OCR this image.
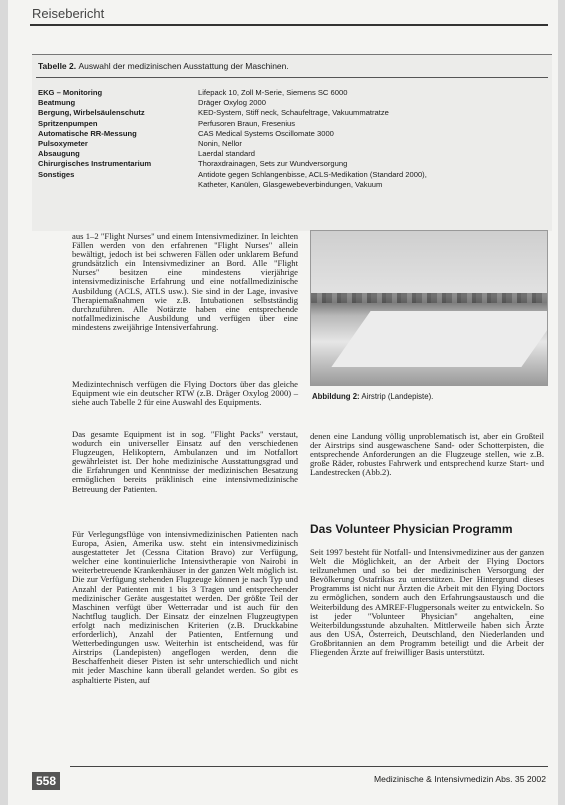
Reisebericht
Tabelle 2. Auswahl der medizinischen Ausstattung der Maschinen.
EKG – Monitoring	Lifepack 10, Zoll M-Serie, Siemens SC 6000
Beatmung	Dräger Oxylog 2000
Bergung, Wirbelsäulenschutz	KED-System, Stiff neck, Schaufeltrage, Vakuummatratze
Spritzenpumpen	Perfusoren Braun, Fresenius
Automatische RR-Messung	CAS Medical Systems Oscillomate 3000
Pulsoxymeter	Nonin, Nellor
Absaugung	Laerdal standard
Chirurgisches Instrumentarium	Thoraxdrainagen, Sets zur Wundversorgung
Sonstiges	Antidote gegen Schlangenbisse, ACLS-Medikation (Standard 2000),
Katheter, Kanülen, Glasgewebeverbindungen, Vakuum

aus 1–2 "Flight Nurses" und einem Intensivmediziner. In leichten Fällen werden von den erfahrenen "Flight Nurses" allein bewältigt, jedoch ist bei schweren Fällen oder unklarem Befund grundsätzlich ein Intensivmediziner an Bord. Alle "Flight Nurses" besitzen eine mindestens vierjährige intensivmedizinische Erfahrung und eine notfallmedizinische Ausbildung (ACLS, ATLS usw.). Sie sind in der Lage, invasive Therapiemaßnahmen wie z.B. Intubationen selbstständig durchzuführen. Alle Notärzte haben eine entsprechende notfallmedizinische Ausbildung und verfügen über eine mindestens zweijährige Intensiverfahrung.

Medizintechnisch verfügen die Flying Doctors über das gleiche Equipment wie ein deutscher RTW (z.B. Dräger Oxylog 2000) – siehe auch Tabelle 2 für eine Auswahl des Equipments.

Das gesamte Equipment ist in sog. "Flight Packs" verstaut, wodurch ein universeller Einsatz auf den verschiedenen Flugzeugen, Helikoptern, Ambulanzen und im Notfallort gewährleistet ist. Der hohe medizinische Ausstattungsgrad und die Erfahrungen und Kenntnisse der medizinischen Besatzung ermöglichen bereits präklinisch eine intensivmedizinische Betreuung der Patienten.

Für Verlegungsflüge von intensivmedizinischen Patienten nach Europa, Asien, Amerika usw. steht ein intensivmedizinisch ausgestatteter Jet (Cessna Citation Bravo) zur Verfügung, welcher eine kontinuierliche Intensivtherapie von Nairobi in weiterbetreuende Krankenhäuser in der ganzen Welt möglich ist. Die zur Verfügung stehenden Flugzeuge können je nach Typ und Anzahl der Patienten mit 1 bis 3 Tragen und entsprechender medizinischer Geräte ausgestattet werden. Der größte Teil der Maschinen verfügt über Wetterradar und ist auch für den Nachtflug tauglich. Der Einsatz der einzelnen Flugzeugtypen erfolgt nach medizinischen Kriterien (z.B. Druckkabine erforderlich), Anzahl der Patienten, Entfernung und Wetterbedingungen usw. Weiterhin ist entscheidend, was für Airstrips (Landepisten) angeflogen werden, denn die Beschaffenheit dieser Pisten ist sehr unterschiedlich und nicht mit jeder Maschine kann überall gelandet werden. So gibt es asphaltierte Pisten, auf

Abbildung 2: Airstrip (Landepiste).

denen eine Landung völlig unproblematisch ist, aber ein Großteil der Airstrips sind ausgewaschene Sand- oder Schotterpisten, die entsprechende Anforderungen an die Flugzeuge stellen, wie z.B. große Räder, robustes Fahrwerk und entsprechend kurze Start- und Landestrecken (Abb.2).

Das Volunteer Physician Programm

Seit 1997 besteht für Notfall- und Intensivmediziner aus der ganzen Welt die Möglichkeit, an der Arbeit der Flying Doctors teilzunehmen und so bei der medizinischen Versorgung der Bevölkerung Ostafrikas zu unterstützen. Der Hintergrund dieses Programms ist nicht nur Ärzten die Arbeit mit den Flying Doctors zu ermöglichen, sondern auch den Erfahrungsaustausch und die Weiterbildung des AMREF-Flugpersonals weiter zu entwickeln. So ist jeder "Volunteer Physician" angehalten, eine Weiterbildungsstunde abzuhalten. Mittlerweile haben sich Ärzte aus den USA, Österreich, Deutschland, den Niederlanden und Großbritannien an dem Programm beteiligt und die Arbeit der Fliegenden Ärzte auf freiwilliger Basis unterstützt.

558	Medizinische & Intensivmedizin Abs. 35 2002
